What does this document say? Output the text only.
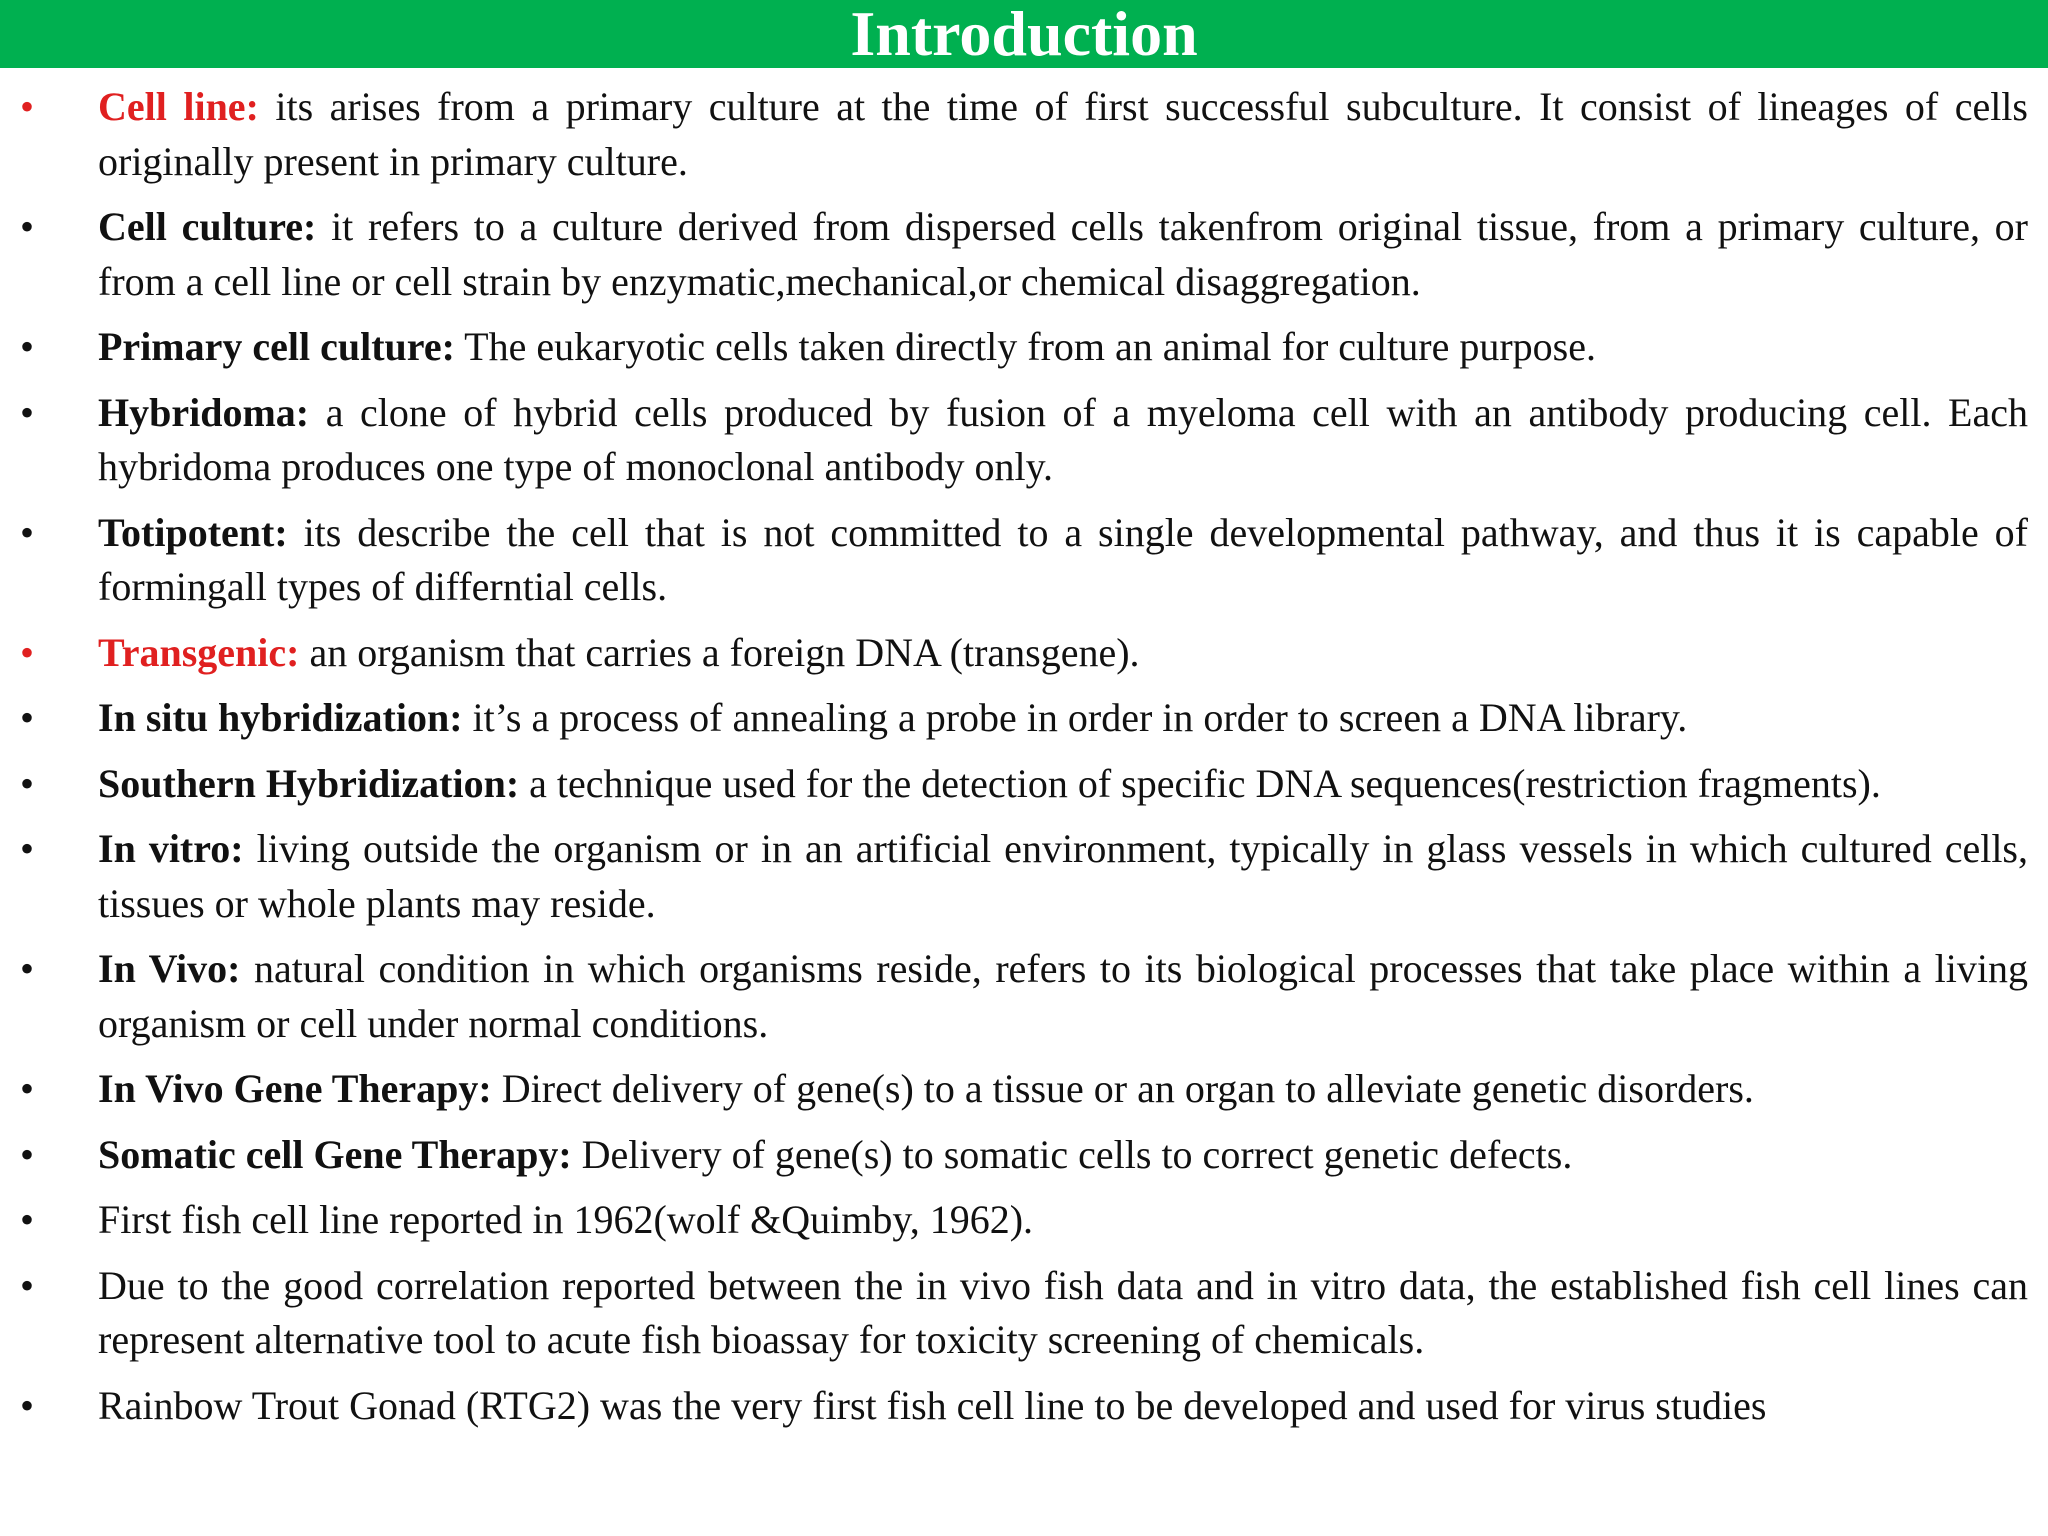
Introduction
• Cell line: its arises from a primary culture at the time of first successful subculture. It consist of lineages of cells originally present in primary culture.
• Cell culture: it refers to a culture derived from dispersed cells takenfrom original tissue, from a primary culture, or from a cell line or cell strain by enzymatic,mechanical,or chemical disaggregation.
• Primary cell culture: The eukaryotic cells taken directly from an animal for culture purpose.
• Hybridoma: a clone of hybrid cells produced by fusion of a myeloma cell with an antibody producing cell. Each hybridoma produces one type of monoclonal antibody only.
• Totipotent: its describe the cell that is not committed to a single developmental pathway, and thus it is capable of formingall types of differntial cells.
• Transgenic: an organism that carries a foreign DNA (transgene).
• In situ hybridization: it’s a process of annealing a probe in order in order to screen a DNA library.
• Southern Hybridization: a technique used for the detection of specific DNA sequences(restriction fragments).
• In vitro: living outside the organism or in an artificial environment, typically in glass vessels in which cultured cells, tissues or whole plants may reside.
• In Vivo: natural condition in which organisms reside, refers to its biological processes that take place within a living organism or cell under normal conditions.
• In Vivo Gene Therapy: Direct delivery of gene(s) to a tissue or an organ to alleviate genetic disorders.
• Somatic cell Gene Therapy: Delivery of gene(s) to somatic cells to correct genetic defects.
• First fish cell line reported in 1962(wolf &Quimby, 1962).
• Due to the good correlation reported between the in vivo fish data and in vitro data, the established fish cell lines can represent alternative tool to acute fish bioassay for toxicity screening of chemicals.
• Rainbow Trout Gonad (RTG2) was the very first fish cell line to be developed and used for virus studies
